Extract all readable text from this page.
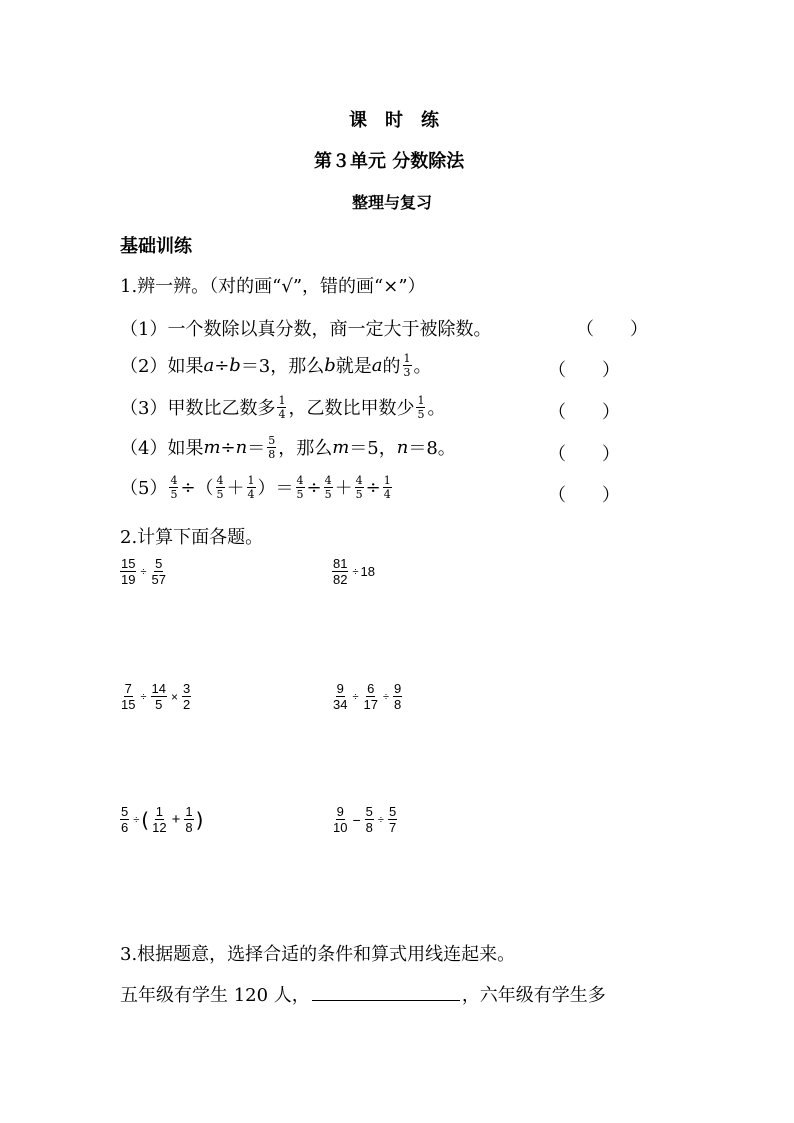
课　时　练
第３单元 分数除法
整理与复习
基础训练
1.辨一辨。（对的画“√”，错的画“×”）
（1）一个数除以真分数，商一定大于被除数。	（　　）
（2） 如果 a ÷ b ＝3，那么 b 就是 a 的 $\frac{1}{3}$ 。	（　　）
（3） 甲数比乙数多 $\frac{1}{4}$ ，乙数比甲数少 $\frac{1}{5}$ 。	（　　）
（4） 如果 $m \div n = \frac{5}{8}$ ，那么 m ＝5， n ＝8。	（　　）
$(5) \frac{4}{5}$ ÷ （ $\frac{4}{5} + \frac{1}{4}$ ） ＝ $\frac{4}{5} \div \frac{4}{5} + \frac{4}{5} \div \frac{1}{4}$	（　　）
2.计算下面各题。
$\frac{15}{19} \div \frac{5}{57}$	$\frac{81}{82} \div 18$
$\frac{7}{15} \div \frac{14}{5} \times \frac{3}{2}$	$\frac{9}{34} \div \frac{6}{17} \div \frac{9}{8}$
$\frac{5}{6}$ ÷ ( $\frac{1}{12} + \frac{1}{8}$ )	$\frac{9}{10} - \frac{5}{8} \div \frac{5}{7}$
3.根据题意，选择合适的条件和算式用线连起来。
五年级有学生 120 人，	，六年级有学生多
